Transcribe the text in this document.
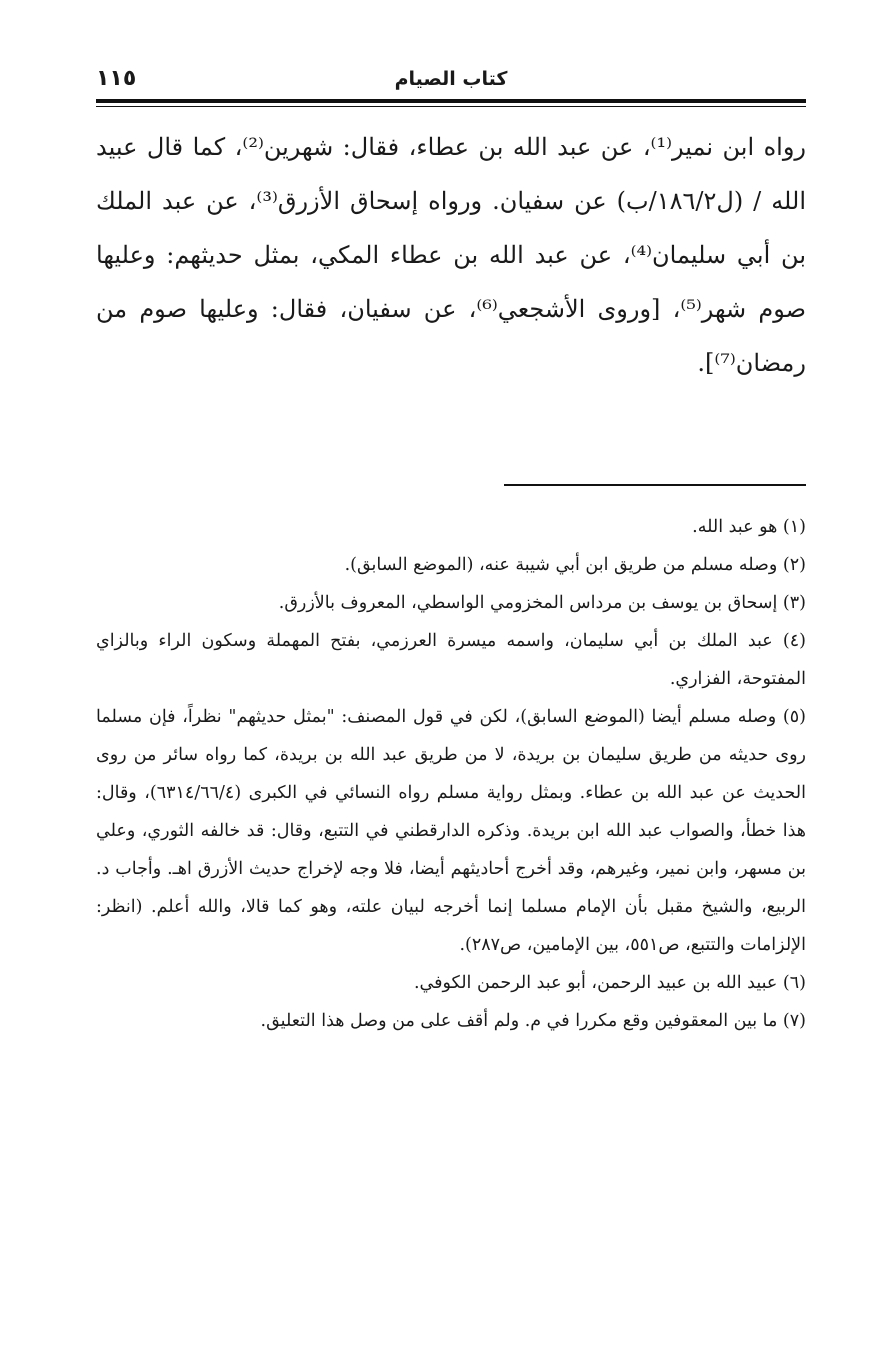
كتاب الصيام
١١٥

رواه ابن نمير⁽¹⁾، عن عبد الله بن عطاء، فقال: شهرين⁽²⁾، كما قال عبيد الله / (ل١٨٦/٢/ب) عن سفيان. ورواه إسحاق الأزرق⁽³⁾، عن عبد الملك بن أبي سليمان⁽⁴⁾، عن عبد الله بن عطاء المكي، بمثل حديثهم: وعليها صوم شهر⁽⁵⁾، [وروى الأشجعي⁽⁶⁾، عن سفيان، فقال: وعليها صوم من رمضان⁽⁷⁾].

(١) هو عبد الله.

(٢) وصله مسلم من طريق ابن أبي شيبة عنه، (الموضع السابق).

(٣) إسحاق بن يوسف بن مرداس المخزومي الواسطي، المعروف بالأزرق.

(٤) عبد الملك بن أبي سليمان، واسمه ميسرة العرزمي، بفتح المهملة وسكون الراء وبالزاي المفتوحة، الفزاري.

(٥) وصله مسلم أيضا (الموضع السابق)، لكن في قول المصنف: "بمثل حديثهم" نظراً، فإن مسلما روى حديثه من طريق سليمان بن بريدة، لا من طريق عبد الله بن بريدة، كما رواه سائر من روى الحديث عن عبد الله بن عطاء. وبمثل رواية مسلم رواه النسائي في الكبرى (٦٣١٤/٦٦/٤)، وقال: هذا خطأ، والصواب عبد الله ابن بريدة. وذكره الدارقطني في التتبع، وقال: قد خالفه الثوري، وعلي بن مسهر، وابن نمير، وغيرهم، وقد أخرج أحاديثهم أيضا، فلا وجه لإخراج حديث الأزرق اهـ. وأجاب د. الربيع، والشيخ مقبل بأن الإمام مسلما إنما أخرجه لبيان علته، وهو كما قالا، والله أعلم. (انظر: الإلزامات والتتبع، ص٥٥١، بين الإمامين، ص٢٨٧).

(٦) عبيد الله بن عبيد الرحمن، أبو عبد الرحمن الكوفي.

(٧) ما بين المعقوفين وقع مكررا في م. ولم أقف على من وصل هذا التعليق.
